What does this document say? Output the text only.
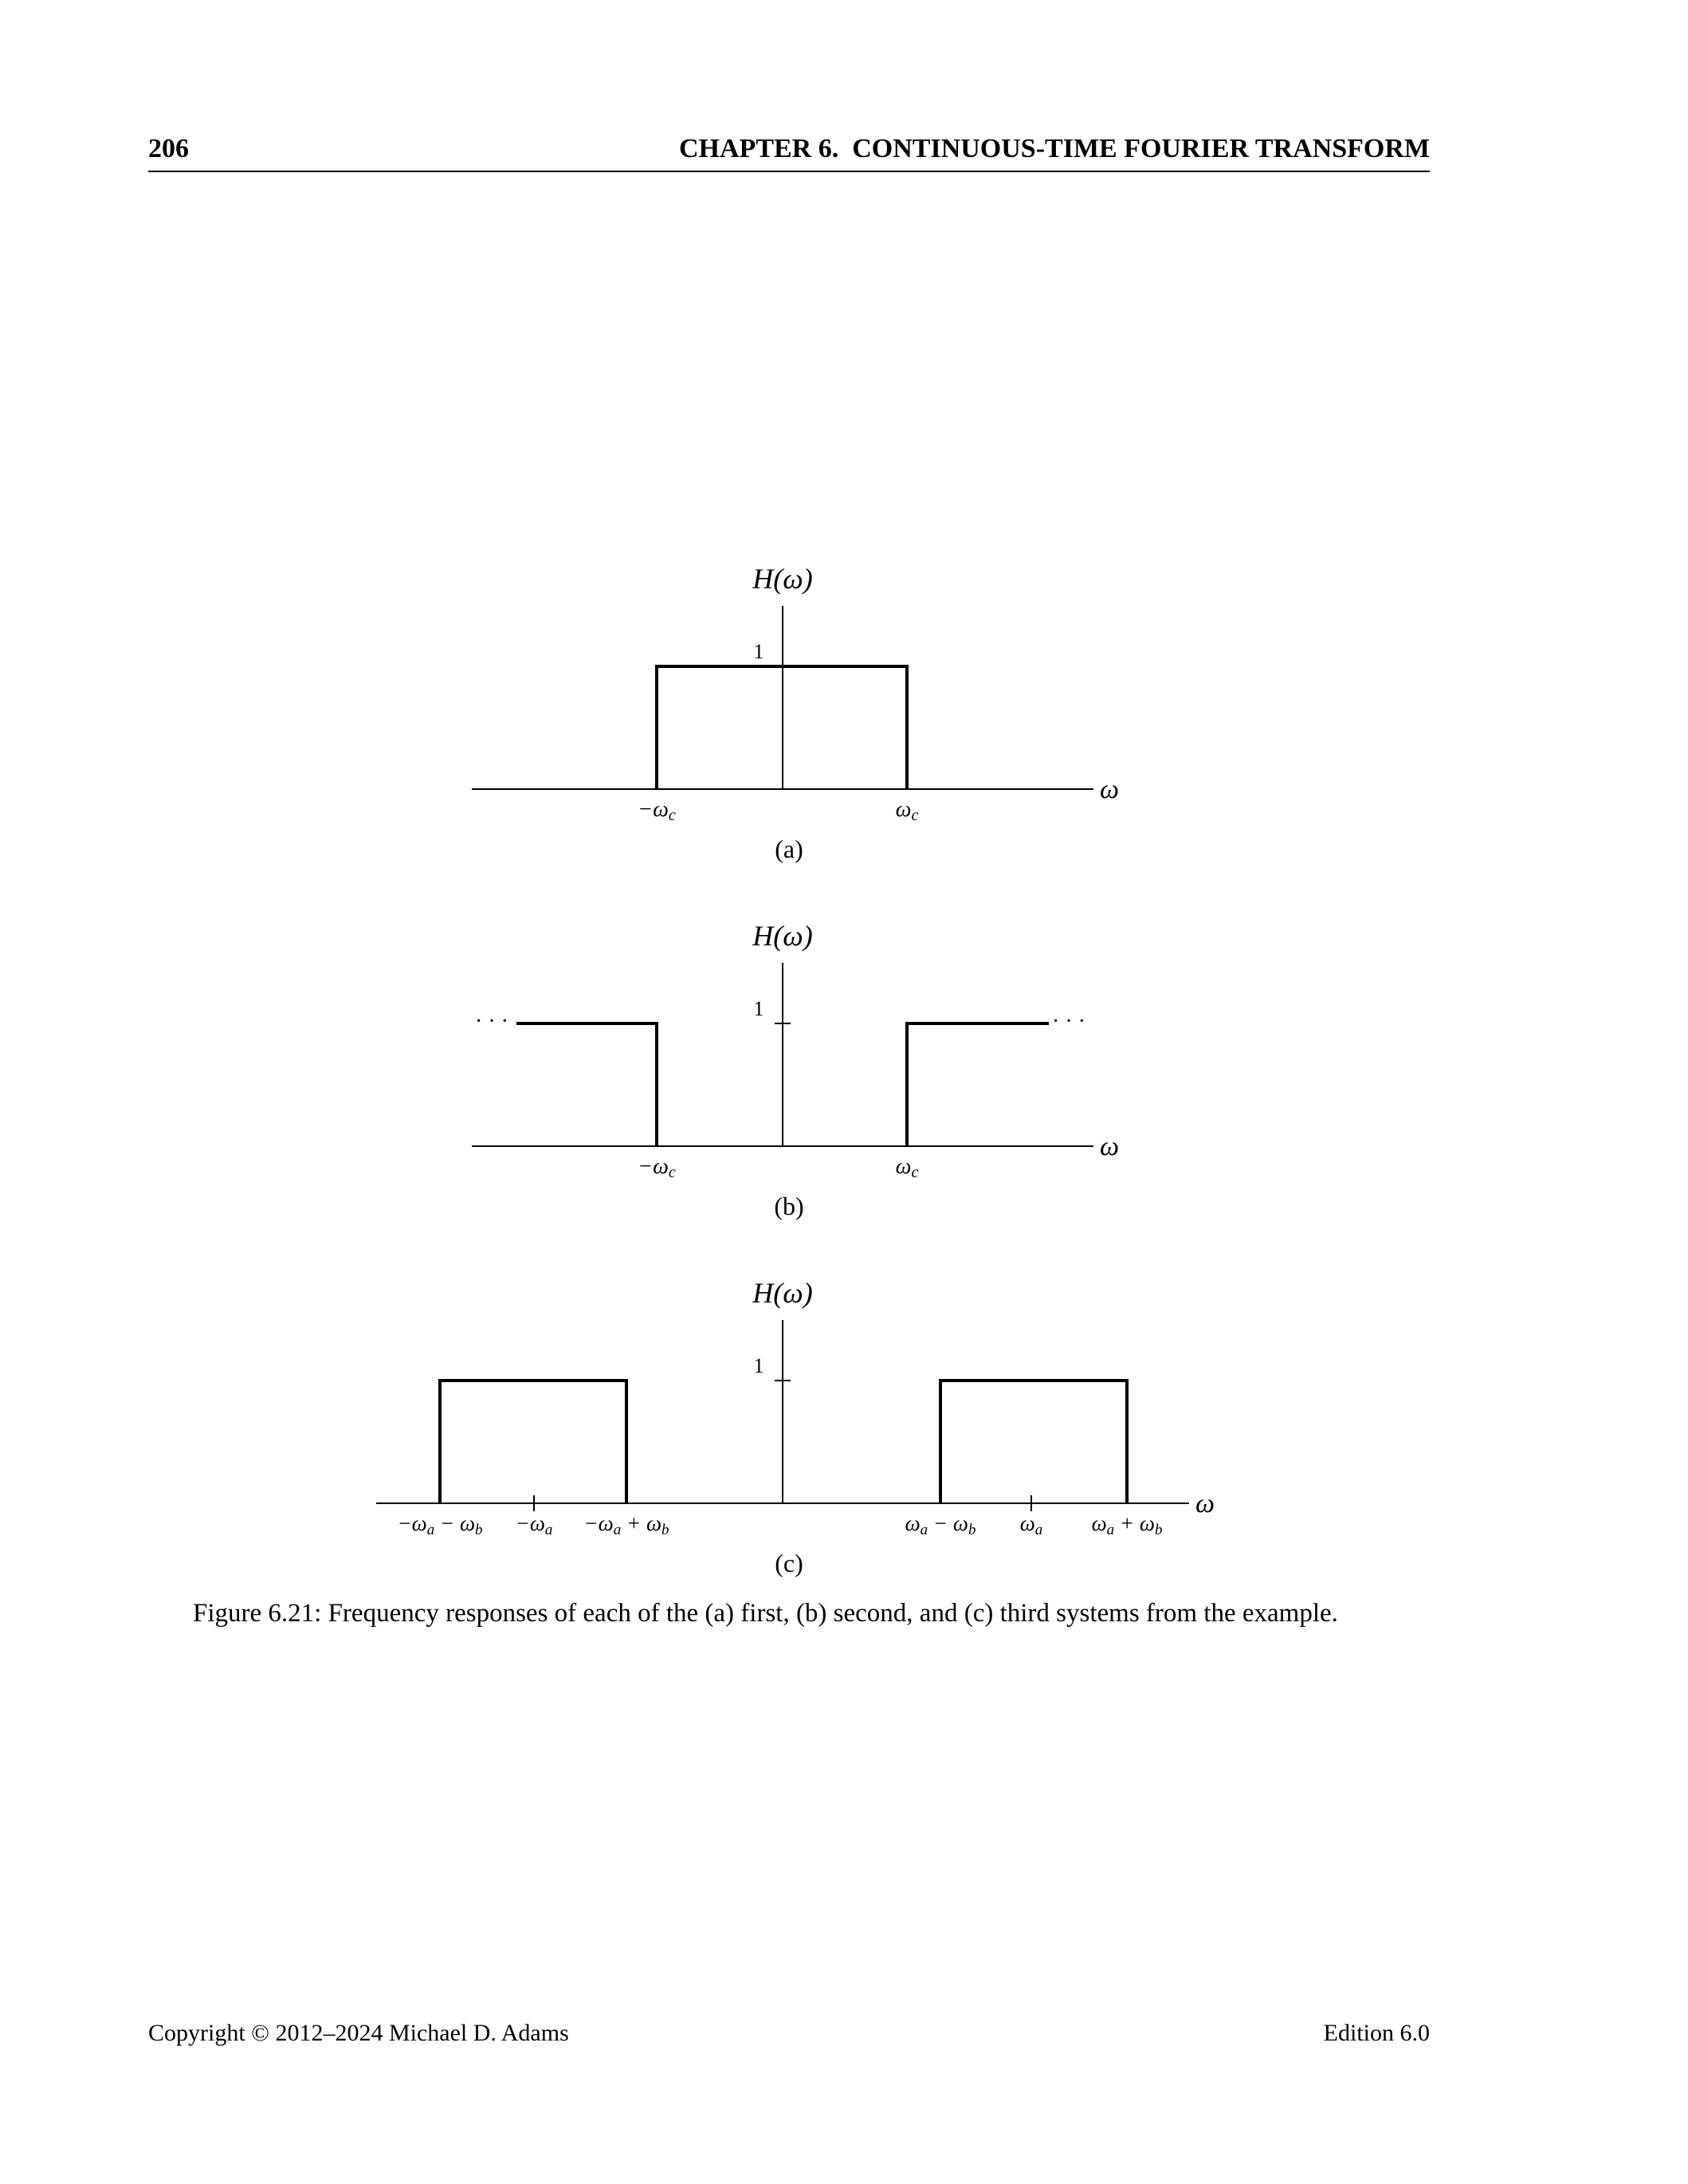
206	CHAPTER 6.  CONTINUOUS-TIME FOURIER TRANSFORM
H(ω)
1
ω
−ωc	ωc
(a)
· · ·	· · ·
H(ω)
1
ω
−ωc	ωc
(b)
H(ω)
1
ω
−ωa − ωb −ωa −ωa + ωb	ωa − ωb ωa ωa + ωb
(c)
Figure 6.21: Frequency responses of each of the (a) first, (b) second, and (c) third systems from the example.
Copyright © 2012–2024 Michael D. Adams	Edition 6.0
